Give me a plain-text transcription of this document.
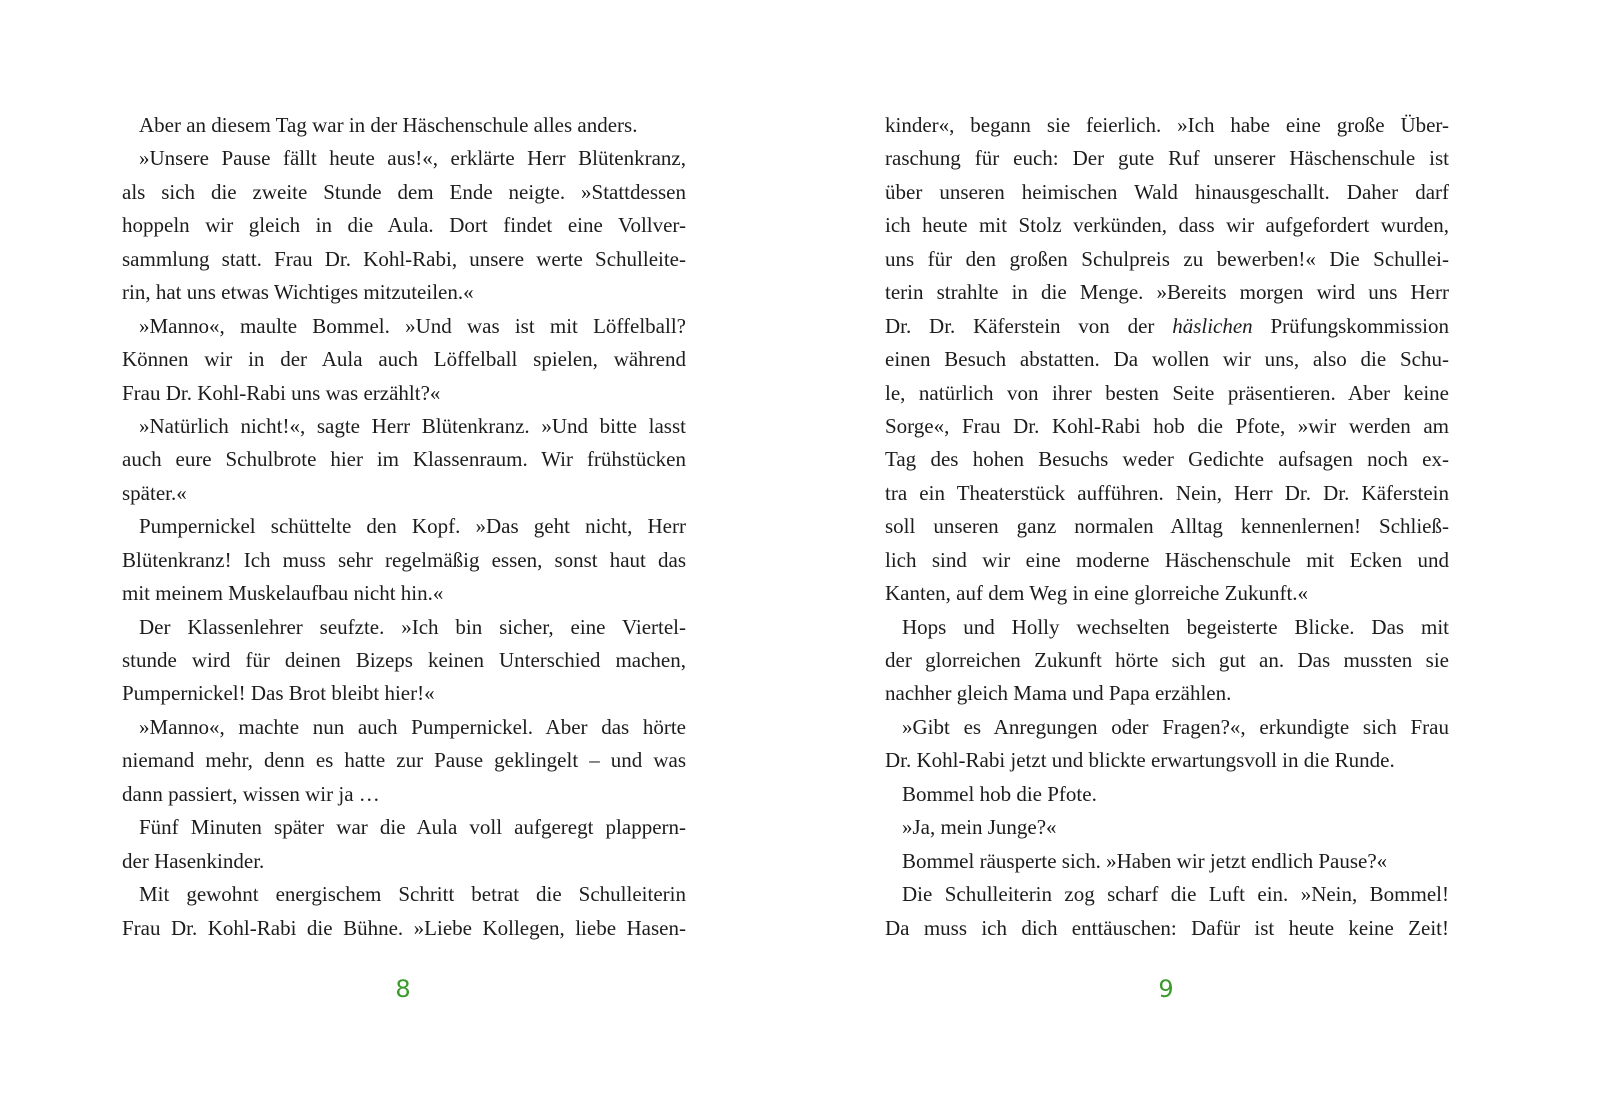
Aber an diesem Tag war in der Häschenschule alles anders.
»Unsere Pause fällt heute aus!«, erklärte Herr Blütenkranz,
als sich die zweite Stunde dem Ende neigte. »Stattdessen
hoppeln wir gleich in die Aula. Dort findet eine Vollver-
sammlung statt. Frau Dr. Kohl-Rabi, unsere werte Schulleite-
rin, hat uns etwas Wichtiges mitzuteilen.«
»Manno«, maulte Bommel. »Und was ist mit Löffelball?
Können wir in der Aula auch Löffelball spielen, während
Frau Dr. Kohl-Rabi uns was erzählt?«
»Natürlich nicht!«, sagte Herr Blütenkranz. »Und bitte lasst
auch eure Schulbrote hier im Klassenraum. Wir frühstücken
später.«
Pumpernickel schüttelte den Kopf. »Das geht nicht, Herr
Blütenkranz! Ich muss sehr regelmäßig essen, sonst haut das
mit meinem Muskelaufbau nicht hin.«
Der Klassenlehrer seufzte. »Ich bin sicher, eine Viertel-
stunde wird für deinen Bizeps keinen Unterschied machen,
Pumpernickel! Das Brot bleibt hier!«
»Manno«, machte nun auch Pumpernickel. Aber das hörte
niemand mehr, denn es hatte zur Pause geklingelt – und was
dann passiert, wissen wir ja …
Fünf Minuten später war die Aula voll aufgeregt plappern-
der Hasenkinder.
Mit gewohnt energischem Schritt betrat die Schulleiterin
Frau Dr. Kohl-Rabi die Bühne. »Liebe Kollegen, liebe Hasen-
8
kinder«, begann sie feierlich. »Ich habe eine große Über-
raschung für euch: Der gute Ruf unserer Häschenschule ist
über unseren heimischen Wald hinausgeschallt. Daher darf
ich heute mit Stolz verkünden, dass wir aufgefordert wurden,
uns für den großen Schulpreis zu bewerben!« Die Schullei-
terin strahlte in die Menge. »Bereits morgen wird uns Herr
Dr. Dr. Käferstein von der häslichen Prüfungskommission
einen Besuch abstatten. Da wollen wir uns, also die Schu-
le, natürlich von ihrer besten Seite präsentieren. Aber keine
Sorge«, Frau Dr. Kohl-Rabi hob die Pfote, »wir werden am
Tag des hohen Besuchs weder Gedichte aufsagen noch ex-
tra ein Theaterstück aufführen. Nein, Herr Dr. Dr. Käferstein
soll unseren ganz normalen Alltag kennenlernen! Schließ-
lich sind wir eine moderne Häschenschule mit Ecken und
Kanten, auf dem Weg in eine glorreiche Zukunft.«
Hops und Holly wechselten begeisterte Blicke. Das mit
der glorreichen Zukunft hörte sich gut an. Das mussten sie
nachher gleich Mama und Papa erzählen.
»Gibt es Anregungen oder Fragen?«, erkundigte sich Frau
Dr. Kohl-Rabi jetzt und blickte erwartungsvoll in die Runde.
Bommel hob die Pfote.
»Ja, mein Junge?«
Bommel räusperte sich. »Haben wir jetzt endlich Pause?«
Die Schulleiterin zog scharf die Luft ein. »Nein, Bommel!
Da muss ich dich enttäuschen: Dafür ist heute keine Zeit!
9
